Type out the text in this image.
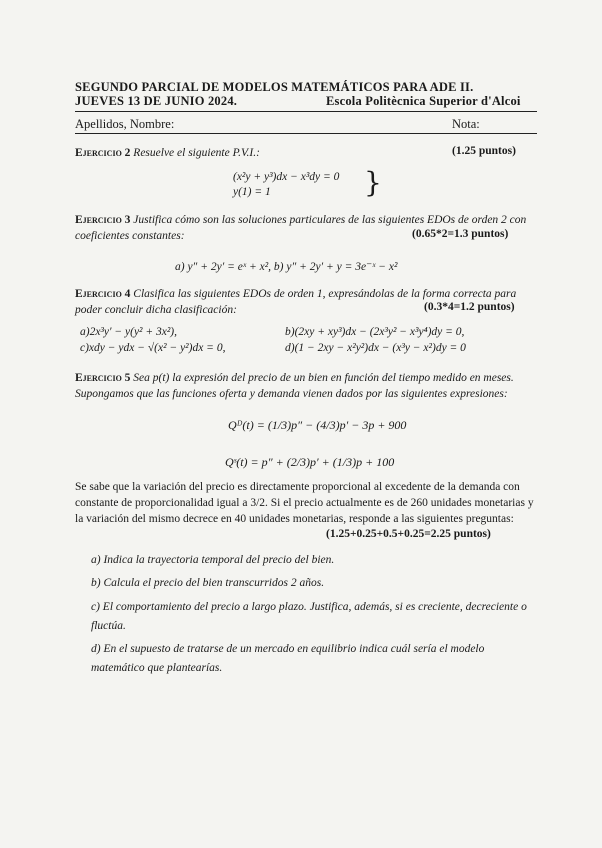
SEGUNDO PARCIAL DE MODELOS MATEMÁTICOS PARA ADE II.
JUEVES 13 DE JUNIO 2024.	Escola Politècnica Superior d'Alcoi
Apellidos, Nombre:	Nota:
Ejercicio 2 Resuelve el siguiente P.V.I.:	(1.25 puntos)
(x²y + y³)dx − x³dy = 0
y(1) = 1	}
Ejercicio 3 Justifica cómo son las soluciones particulares de las siguientes EDOs de orden 2 con coeficientes constantes:	(0.65*2=1.3 puntos)
a) y″ + 2y′ = eˣ + x², b) y″ + 2y′ + y = 3e⁻ˣ − x²
Ejercicio 4 Clasifica las siguientes EDOs de orden 1, expresándolas de la forma correcta para poder concluir dicha clasificación:	(0.3*4=1.2 puntos)
a)2x³y′ − y(y² + 3x²),	b)(2xy + xy³)dx − (2x³y² − x³y⁴)dy = 0,
c)xdy − ydx − √(x² − y²)dx = 0,	d)(1 − 2xy − x²y²)dx − (x³y − x²)dy = 0
Ejercicio 5 Sea p(t) la expresión del precio de un bien en función del tiempo medido en meses. Supongamos que las funciones oferta y demanda vienen dados por las siguientes expresiones:
Qᴰ(t) = (1/3)p″ − (4/3)p′ − 3p + 900
Qˢ(t) = p″ + (2/3)p′ + (1/3)p + 100
Se sabe que la variación del precio es directamente proporcional al excedente de la demanda con constante de proporcionalidad igual a 3/2. Si el precio actualmente es de 260 unidades monetarias y la variación del mismo decrece en 40 unidades monetarias, responde a las siguientes preguntas:
(1.25+0.25+0.5+0.25=2.25 puntos)
a) Indica la trayectoria temporal del precio del bien.
b) Calcula el precio del bien transcurridos 2 años.
c) El comportamiento del precio a largo plazo. Justifica, además, si es creciente, decreciente o fluctúa.
d) En el supuesto de tratarse de un mercado en equilibrio indica cuál sería el modelo matemático que plantearías.
